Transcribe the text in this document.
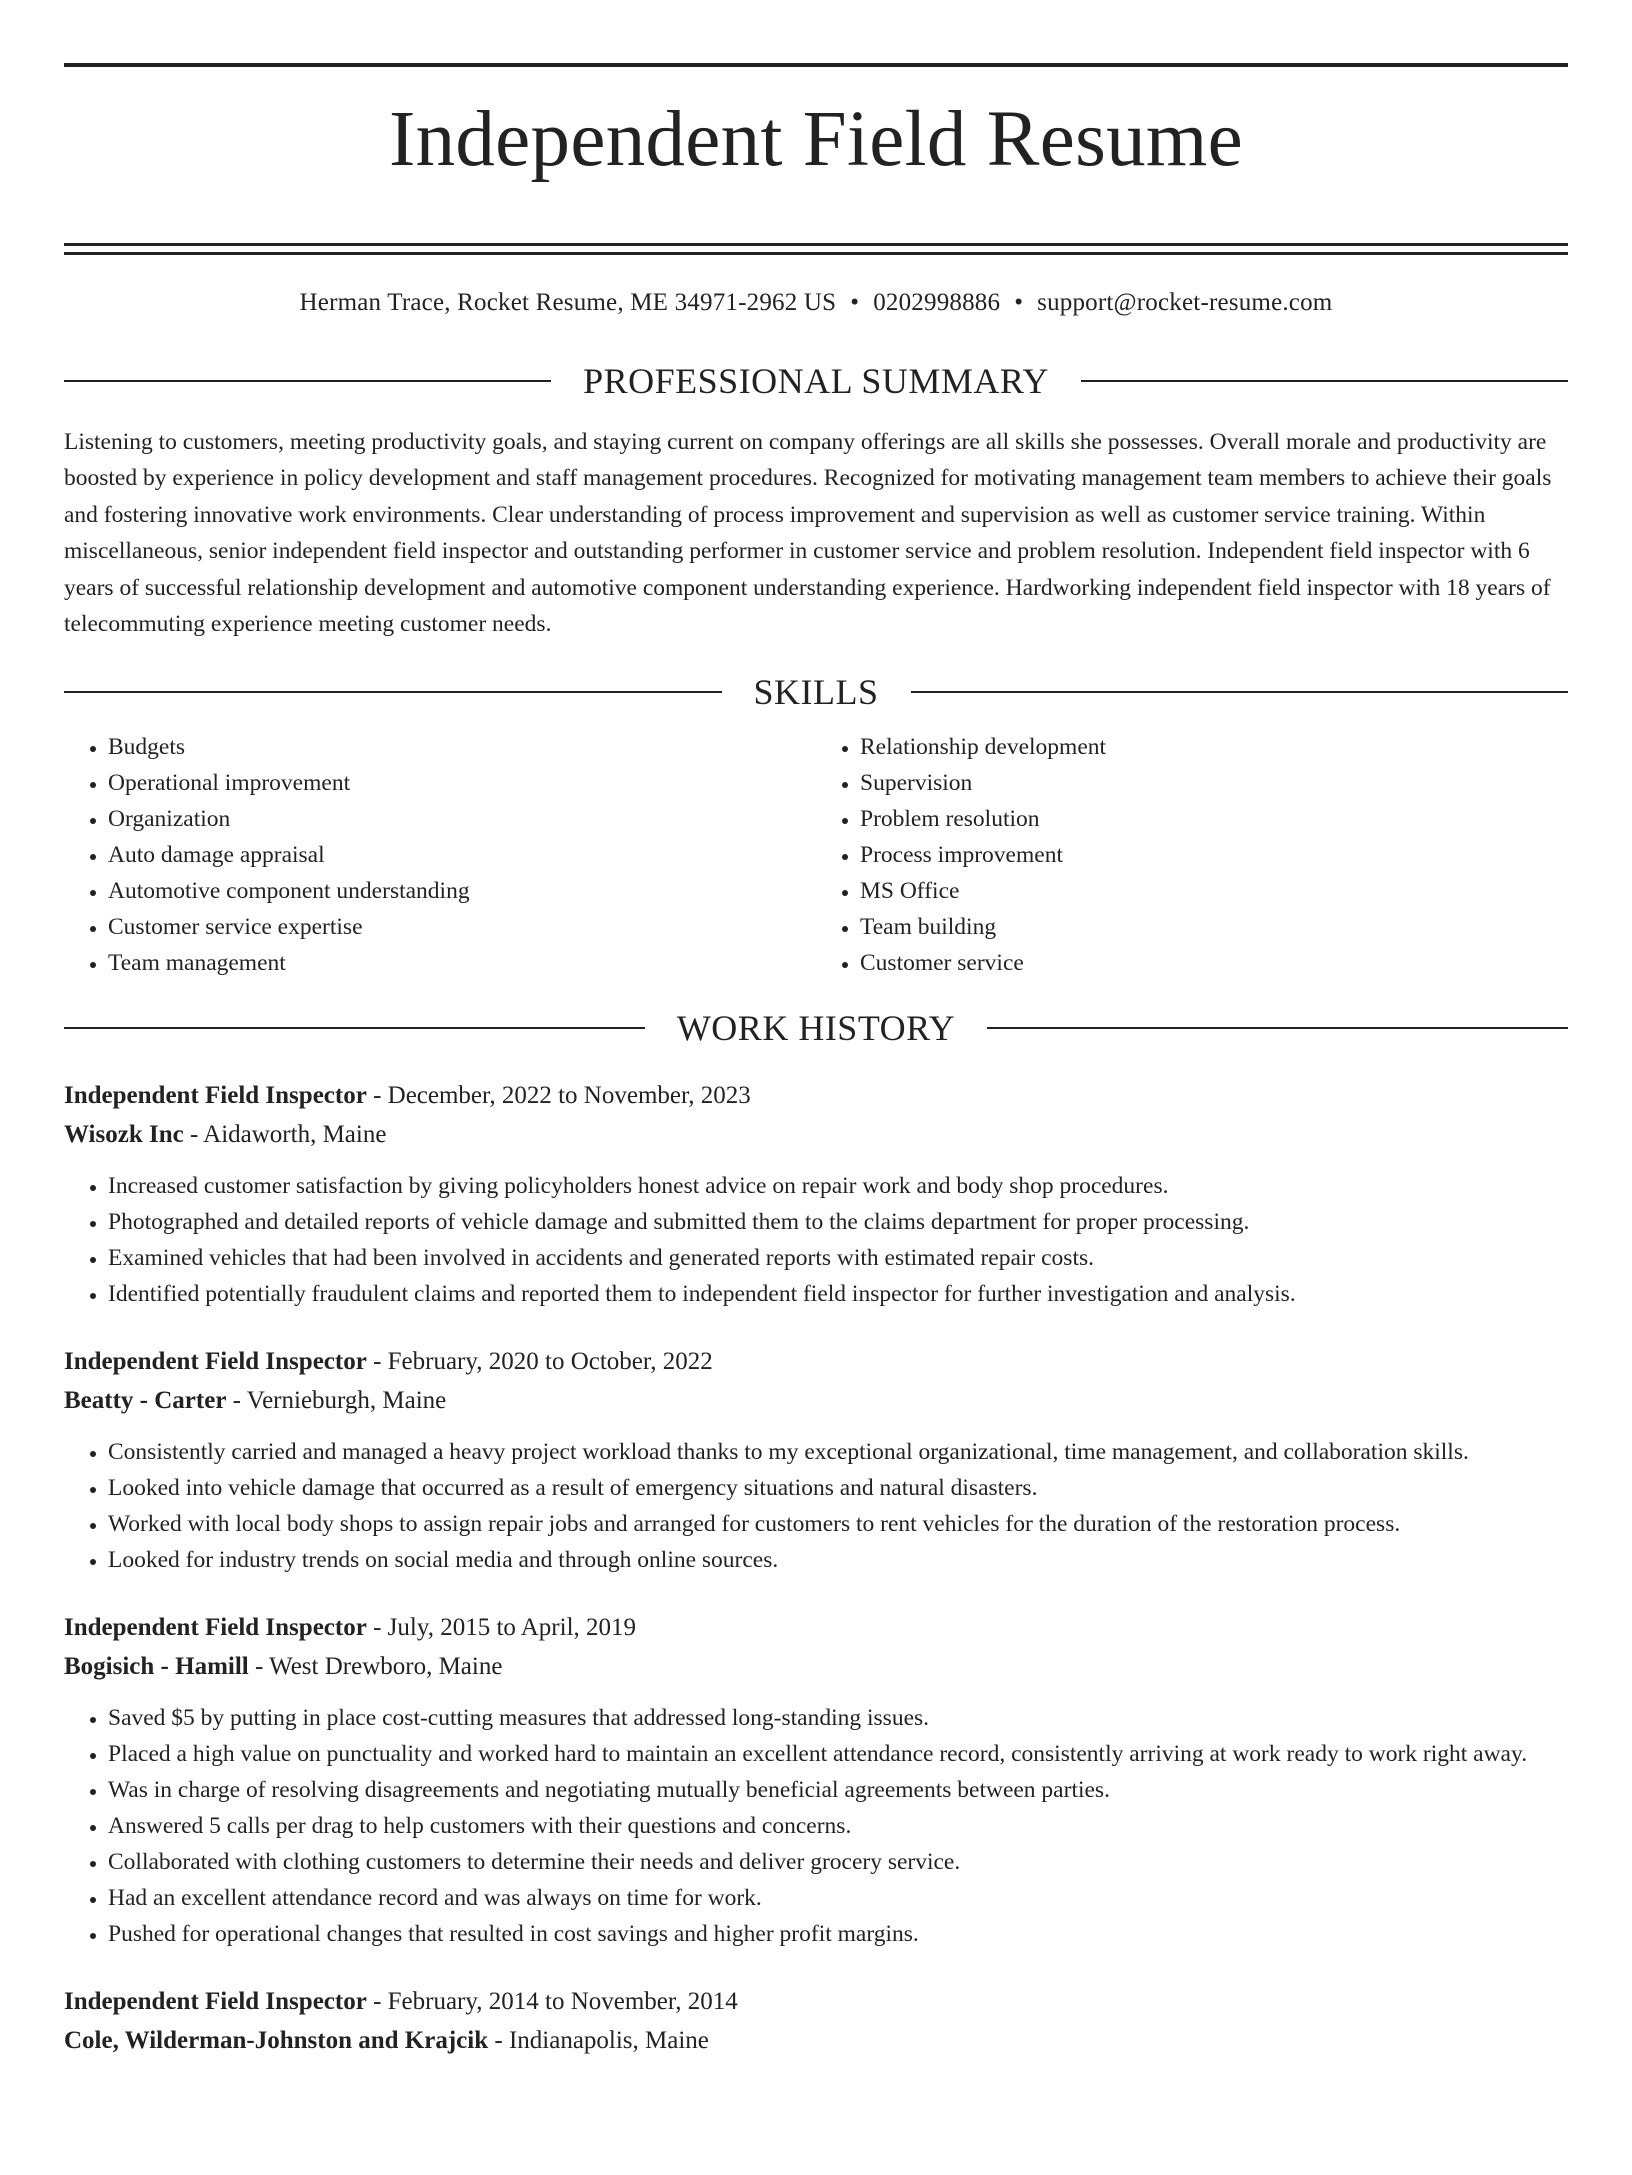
Independent Field Resume
Herman Trace, Rocket Resume, ME 34971-2962 US • 0202998886 • support@rocket-resume.com
PROFESSIONAL SUMMARY

Listening to customers, meeting productivity goals, and staying current on company offerings are all skills she possesses. Overall morale and productivity are boosted by experience in policy development and staff management procedures. Recognized for motivating management team members to achieve their goals and fostering innovative work environments. Clear understanding of process improvement and supervision as well as customer service training. Within miscellaneous, senior independent field inspector and outstanding performer in customer service and problem resolution. Independent field inspector with 6 years of successful relationship development and automotive component understanding experience. Hardworking independent field inspector with 18 years of telecommuting experience meeting customer needs.

SKILLS
• Budgets
• Operational improvement
• Organization
• Auto damage appraisal
• Automotive component understanding
• Customer service expertise
• Team management
• Relationship development
• Supervision
• Problem resolution
• Process improvement
• MS Office
• Team building
• Customer service
WORK HISTORY
Independent Field Inspector - December, 2022 to November, 2023
Wisozk Inc - Aidaworth, Maine
• Increased customer satisfaction by giving policyholders honest advice on repair work and body shop procedures.
• Photographed and detailed reports of vehicle damage and submitted them to the claims department for proper processing.
• Examined vehicles that had been involved in accidents and generated reports with estimated repair costs.
• Identified potentially fraudulent claims and reported them to independent field inspector for further investigation and analysis.
Independent Field Inspector - February, 2020 to October, 2022
Beatty - Carter - Vernieburgh, Maine
• Consistently carried and managed a heavy project workload thanks to my exceptional organizational, time management, and collaboration skills.
• Looked into vehicle damage that occurred as a result of emergency situations and natural disasters.
• Worked with local body shops to assign repair jobs and arranged for customers to rent vehicles for the duration of the restoration process.
• Looked for industry trends on social media and through online sources.
Independent Field Inspector - July, 2015 to April, 2019
Bogisich - Hamill - West Drewboro, Maine
• Saved $5 by putting in place cost-cutting measures that addressed long-standing issues.
• Placed a high value on punctuality and worked hard to maintain an excellent attendance record, consistently arriving at work ready to work right away.
• Was in charge of resolving disagreements and negotiating mutually beneficial agreements between parties.
• Answered 5 calls per drag to help customers with their questions and concerns.
• Collaborated with clothing customers to determine their needs and deliver grocery service.
• Had an excellent attendance record and was always on time for work.
• Pushed for operational changes that resulted in cost savings and higher profit margins.
Independent Field Inspector - February, 2014 to November, 2014
Cole, Wilderman-Johnston and Krajcik - Indianapolis, Maine
